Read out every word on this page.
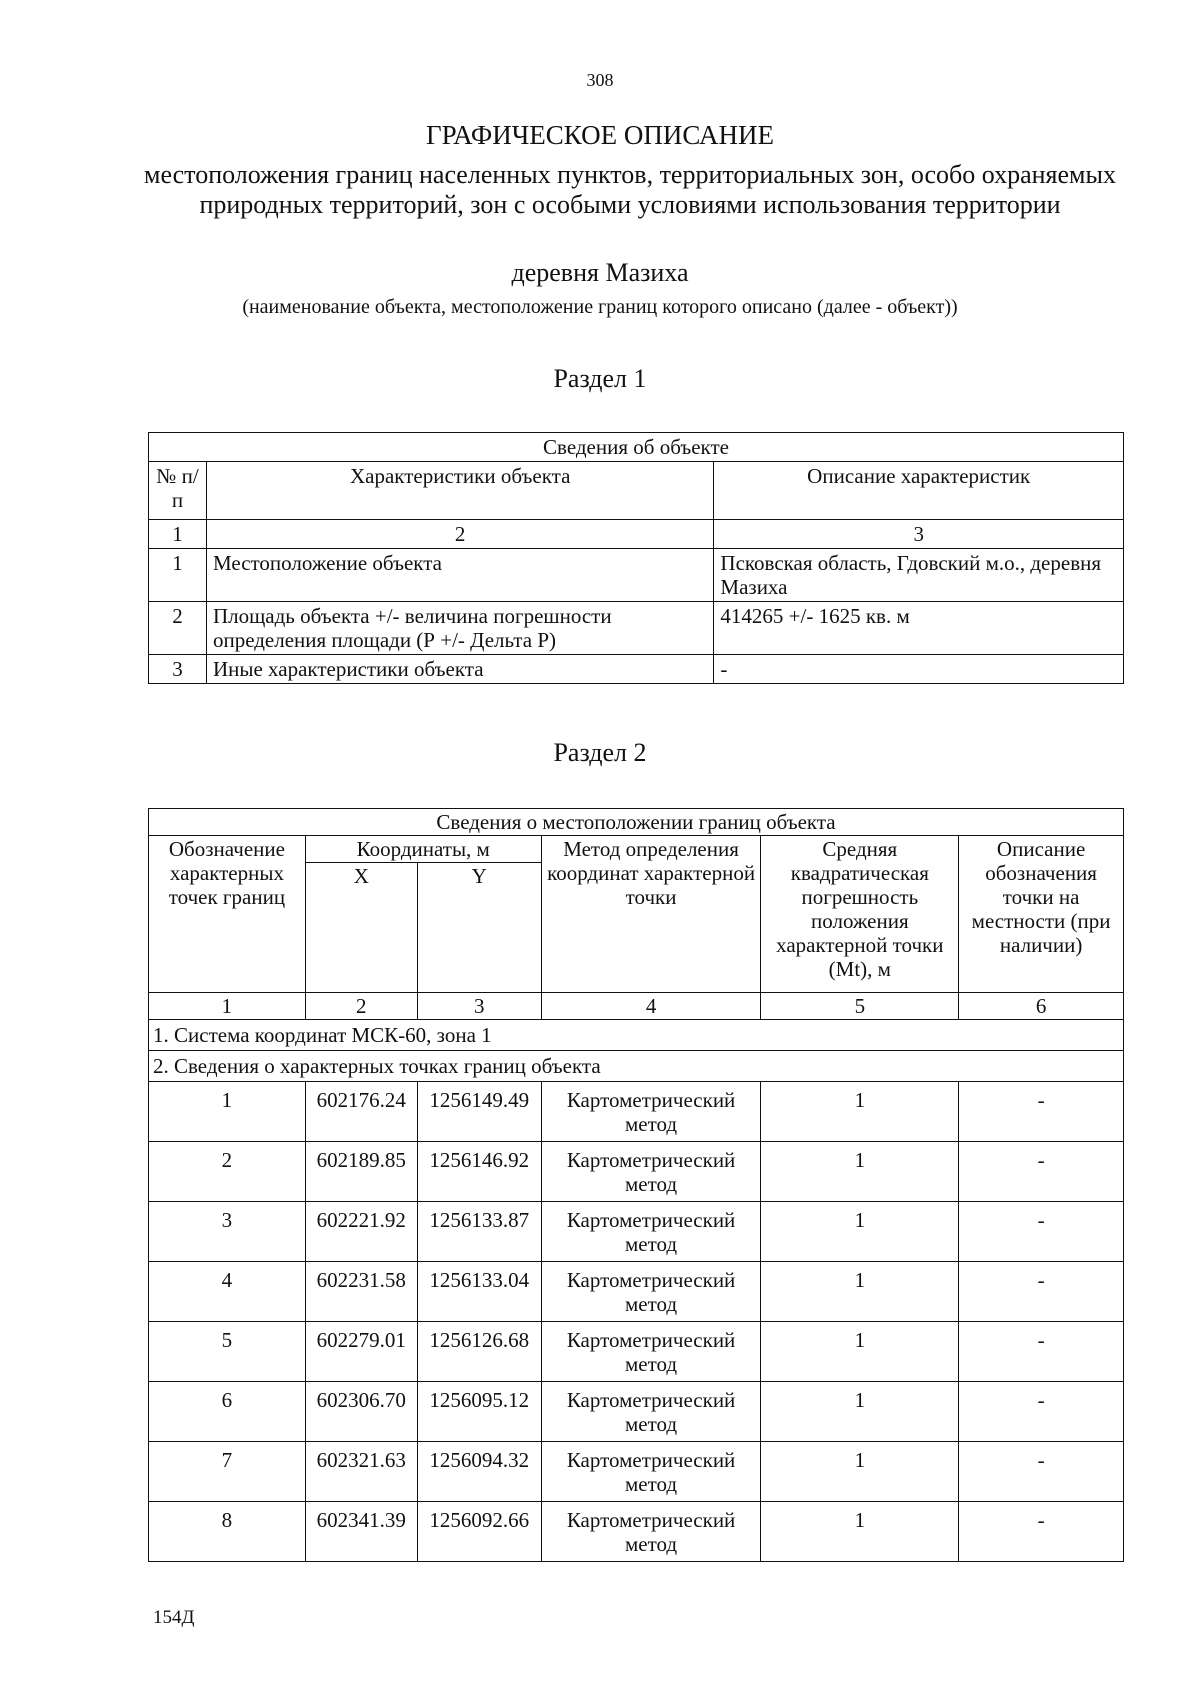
308
ГРАФИЧЕСКОЕ ОПИСАНИЕ
местоположения границ населенных пунктов, территориальных зон, особо охраняемых природных территорий, зон с особыми условиями использования территории
деревня Мазиха
(наименование объекта, местоположение границ которого описано (далее - объект))
Раздел 1
Сведения об объекте		
№ п/п	Характеристики объекта	Описание характеристик
1	2	3
1	Местоположение объекта	Псковская область, Гдовский м.о., деревня Мазиха
2	Площадь объекта +/- величина погрешности определения площади (Р +/- Дельта Р)	414265 +/- 1625 кв. м
3	Иные характеристики объекта	-
Раздел 2
Сведения о местоположении границ объекта					
Обозначение характерных точек границ	Координаты, м		Метод определения координат характерной точки	Средняя квадратическая погрешность положения характерной точки (Mt), м	Описание обозначения точки на местности (при наличии)
	X	Y			
1	2	3	4	5	6
1. Система координат МСК-60, зона 1					
2. Сведения о характерных точках границ объекта					
1	602176.24	1256149.49	Картометрический метод	1	-
2	602189.85	1256146.92	Картометрический метод	1	-
3	602221.92	1256133.87	Картометрический метод	1	-
4	602231.58	1256133.04	Картометрический метод	1	-
5	602279.01	1256126.68	Картометрический метод	1	-
6	602306.70	1256095.12	Картометрический метод	1	-
7	602321.63	1256094.32	Картометрический метод	1	-
8	602341.39	1256092.66	Картометрический метод	1	-
154Д
